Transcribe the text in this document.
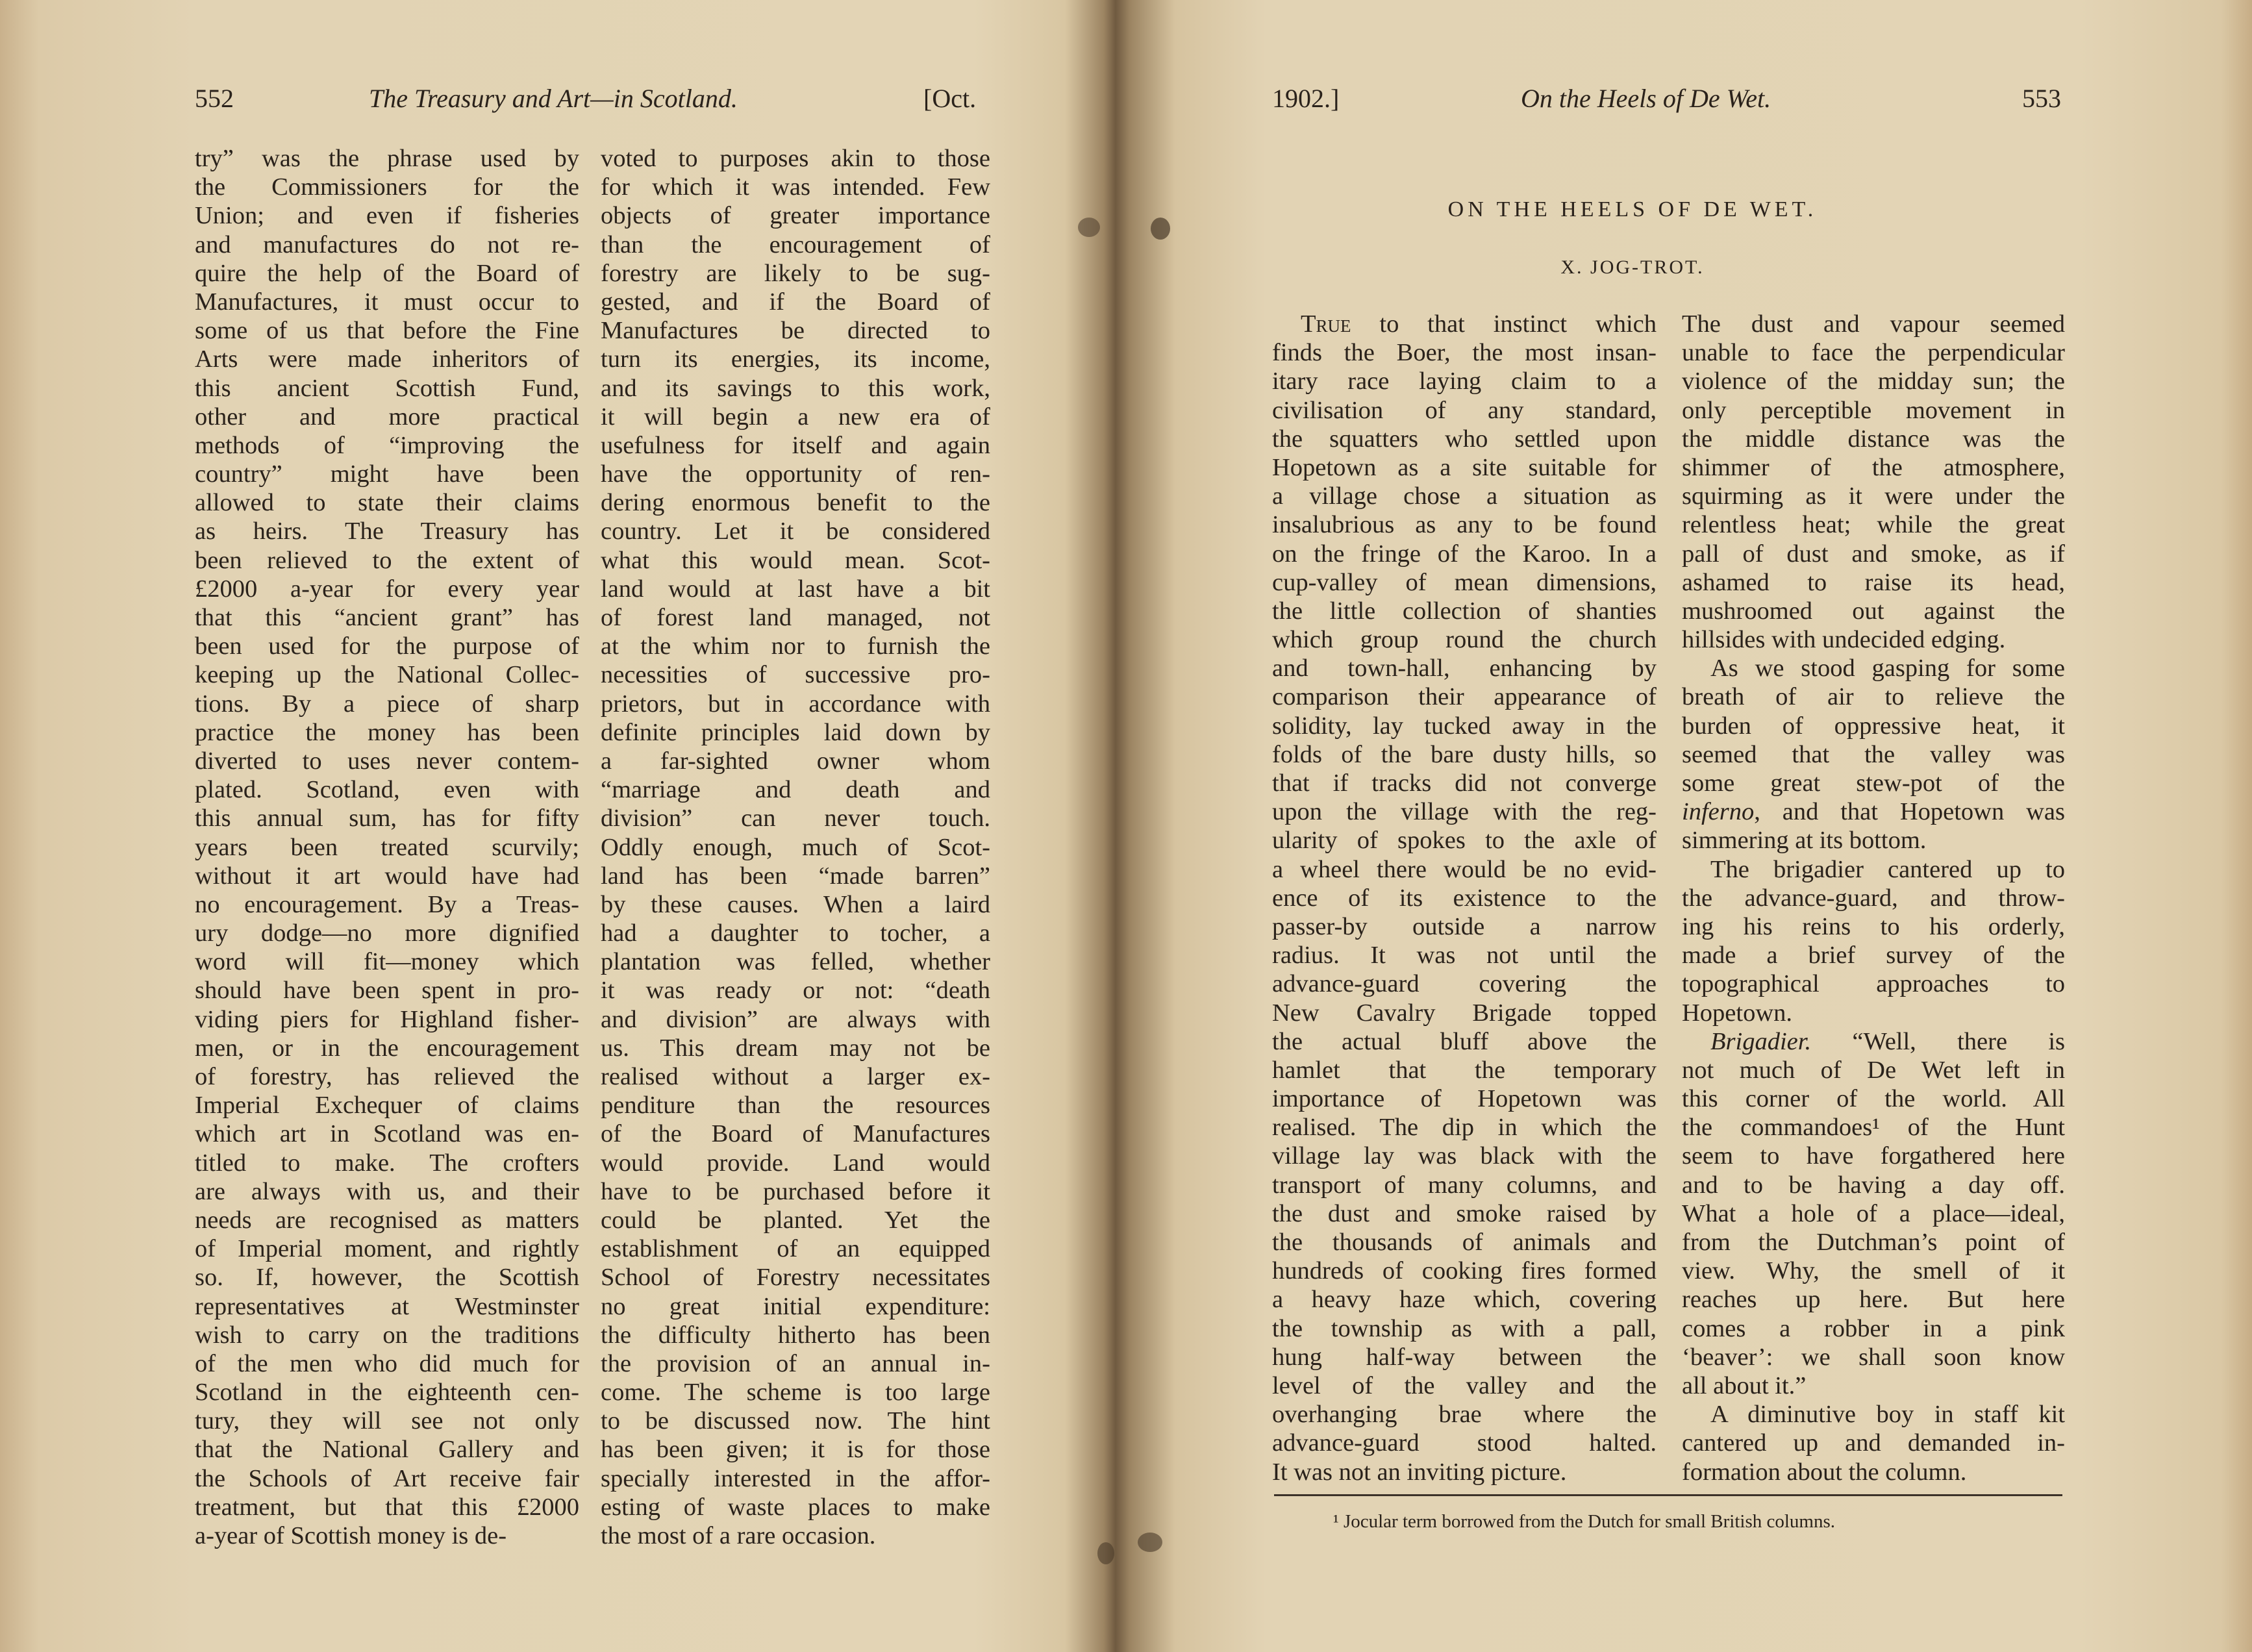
552	The Treasury and Art—in Scotland.	[Oct.
try” was the phrase used by
the Commissioners for the
Union; and even if fisheries
and manufactures do not re-
quire the help of the Board of
Manufactures, it must occur to
some of us that before the Fine
Arts were made inheritors of
this ancient Scottish Fund,
other and more practical
methods of “improving the
country” might have been
allowed to state their claims
as heirs. The Treasury has
been relieved to the extent of
£2000 a-year for every year
that this “ancient grant” has
been used for the purpose of
keeping up the National Collec-
tions. By a piece of sharp
practice the money has been
diverted to uses never contem-
plated. Scotland, even with
this annual sum, has for fifty
years been treated scurvily;
without it art would have had
no encouragement. By a Treas-
ury dodge—no more dignified
word will fit—money which
should have been spent in pro-
viding piers for Highland fisher-
men, or in the encouragement
of forestry, has relieved the
Imperial Exchequer of claims
which art in Scotland was en-
titled to make. The crofters
are always with us, and their
needs are recognised as matters
of Imperial moment, and rightly
so. If, however, the Scottish
representatives at Westminster
wish to carry on the traditions
of the men who did much for
Scotland in the eighteenth cen-
tury, they will see not only
that the National Gallery and
the Schools of Art receive fair
treatment, but that this £2000
a-year of Scottish money is de-
voted to purposes akin to those
for which it was intended. Few
objects of greater importance
than the encouragement of
forestry are likely to be sug-
gested, and if the Board of
Manufactures be directed to
turn its energies, its income,
and its savings to this work,
it will begin a new era of
usefulness for itself and again
have the opportunity of ren-
dering enormous benefit to the
country. Let it be considered
what this would mean. Scot-
land would at last have a bit
of forest land managed, not
at the whim nor to furnish the
necessities of successive pro-
prietors, but in accordance with
definite principles laid down by
a far-sighted owner whom
“marriage and death and
division” can never touch.
Oddly enough, much of Scot-
land has been “made barren”
by these causes. When a laird
had a daughter to tocher, a
plantation was felled, whether
it was ready or not: “death
and division” are always with
us. This dream may not be
realised without a larger ex-
penditure than the resources
of the Board of Manufactures
would provide. Land would
have to be purchased before it
could be planted. Yet the
establishment of an equipped
School of Forestry necessitates
no great initial expenditure:
the difficulty hitherto has been
the provision of an annual in-
come. The scheme is too large
to be discussed now. The hint
has been given; it is for those
specially interested in the affor-
esting of waste places to make
the most of a rare occasion.
1902.]	On the Heels of De Wet.	553
ON THE HEELS OF DE WET.
X. JOG-TROT.
True to that instinct which
finds the Boer, the most insan-
itary race laying claim to a
civilisation of any standard,
the squatters who settled upon
Hopetown as a site suitable for
a village chose a situation as
insalubrious as any to be found
on the fringe of the Karoo. In a
cup-valley of mean dimensions,
the little collection of shanties
which group round the church
and town-hall, enhancing by
comparison their appearance of
solidity, lay tucked away in the
folds of the bare dusty hills, so
that if tracks did not converge
upon the village with the reg-
ularity of spokes to the axle of
a wheel there would be no evid-
ence of its existence to the
passer-by outside a narrow
radius. It was not until the
advance-guard covering the
New Cavalry Brigade topped
the actual bluff above the
hamlet that the temporary
importance of Hopetown was
realised. The dip in which the
village lay was black with the
transport of many columns, and
the dust and smoke raised by
the thousands of animals and
hundreds of cooking fires formed
a heavy haze which, covering
the township as with a pall,
hung half-way between the
level of the valley and the
overhanging brae where the
advance-guard stood halted.
It was not an inviting picture.
The dust and vapour seemed
unable to face the perpendicular
violence of the midday sun; the
only perceptible movement in
the middle distance was the
shimmer of the atmosphere,
squirming as it were under the
relentless heat; while the great
pall of dust and smoke, as if
ashamed to raise its head,
mushroomed out against the
hillsides with undecided edging.
As we stood gasping for some
breath of air to relieve the
burden of oppressive heat, it
seemed that the valley was
some great stew-pot of the
inferno, and that Hopetown was
simmering at its bottom.
The brigadier cantered up to
the advance-guard, and throw-
ing his reins to his orderly,
made a brief survey of the
topographical approaches to
Hopetown.
Brigadier. “Well, there is
not much of De Wet left in
this corner of the world. All
the commandoes¹ of the Hunt
seem to have forgathered here
and to be having a day off.
What a hole of a place—ideal,
from the Dutchman’s point of
view. Why, the smell of it
reaches up here. But here
comes a robber in a pink
‘beaver’: we shall soon know
all about it.”
A diminutive boy in staff kit
cantered up and demanded in-
formation about the column.
¹ Jocular term borrowed from the Dutch for small British columns.
